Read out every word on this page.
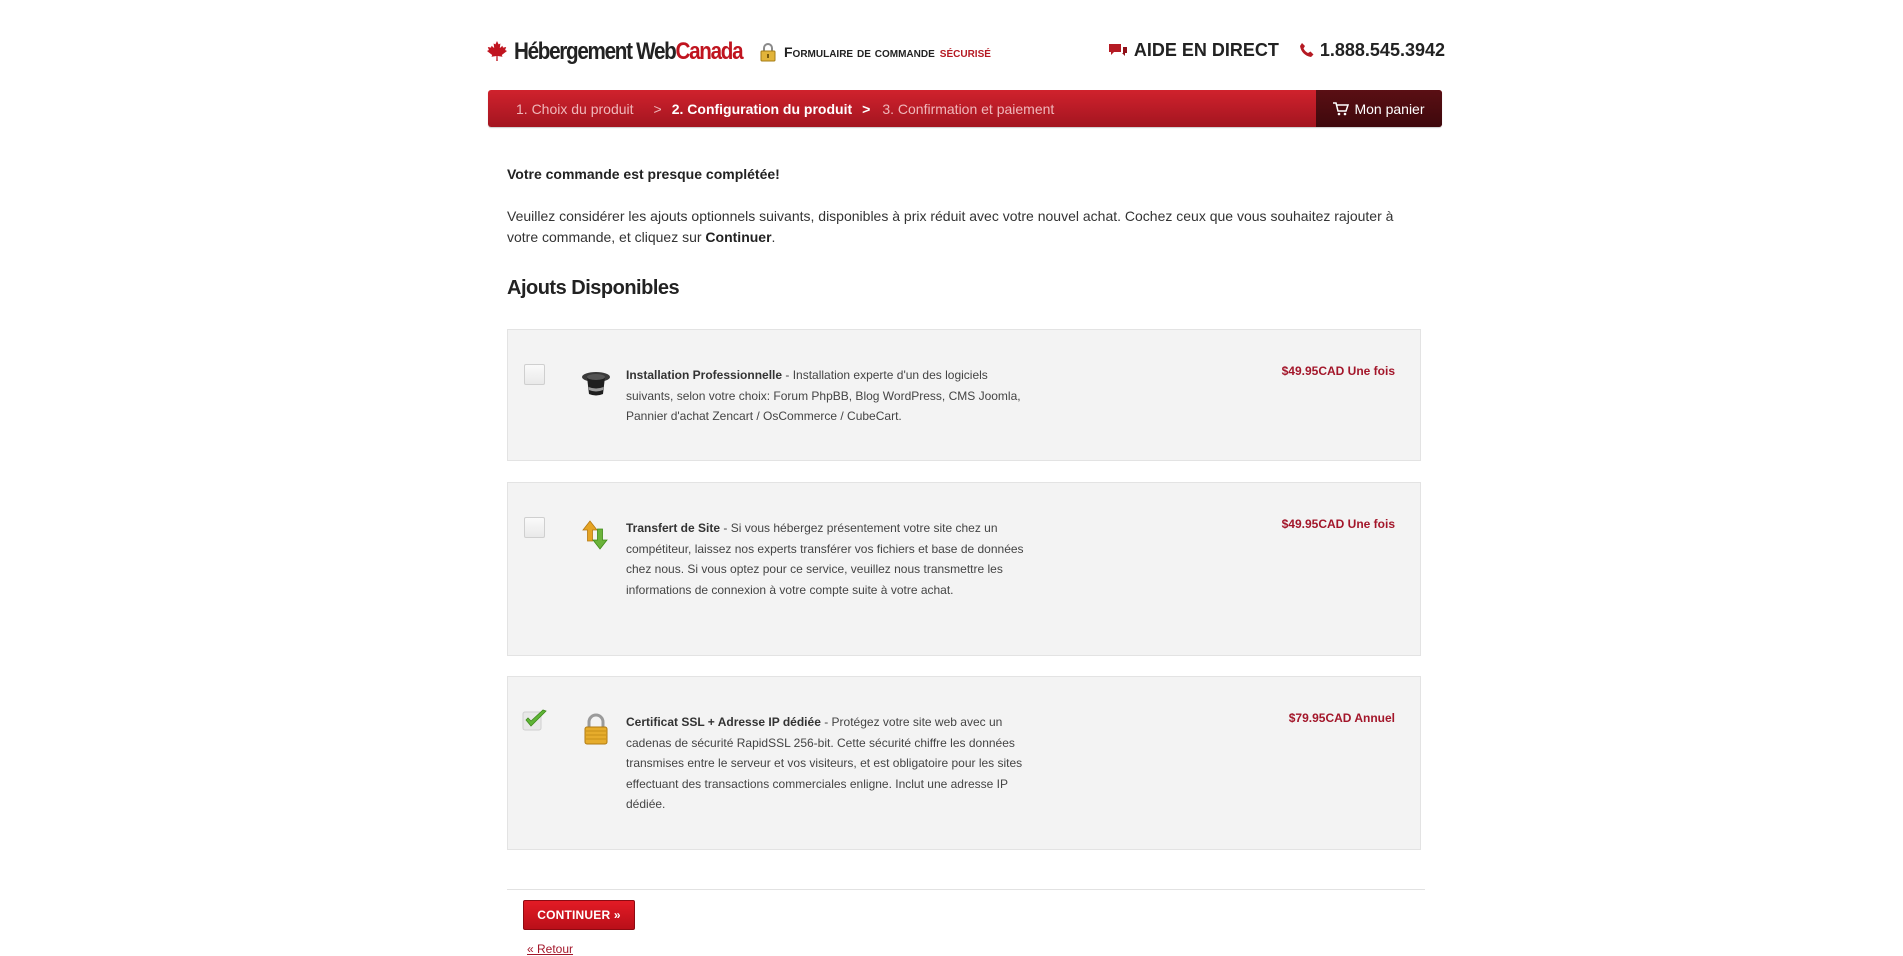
Hébergement WebCanada	Formulaire de commande sécurisé	AIDE EN DIRECT 1.888.545.3942
1. Choix du produit > 2. Configuration du produit > 3. Confirmation et paiement	Mon panier

Votre commande est presque complétée!

Veuillez considérer les ajouts optionnels suivants, disponibles à prix réduit avec votre nouvel achat. Cochez ceux que vous souhaitez rajouter à votre commande, et cliquez sur Continuer.

Ajouts Disponibles
Installation Professionnelle - Installation experte d'un des logiciels suivants, selon votre choix: Forum PhpBB, Blog WordPress, CMS Joomla, Pannier d'achat Zencart / OsCommerce / CubeCart.
$49.95CAD Une fois
Transfert de Site - Si vous hébergez présentement votre site chez un compétiteur, laissez nos experts transférer vos fichiers et base de données chez nous. Si vous optez pour ce service, veuillez nous transmettre les informations de connexion à votre compte suite à votre achat.
$49.95CAD Une fois
Certificat SSL + Adresse IP dédiée - Protégez votre site web avec un cadenas de sécurité RapidSSL 256-bit. Cette sécurité chiffre les données transmises entre le serveur et vos visiteurs, et est obligatoire pour les sites effectuant des transactions commerciales enligne. Inclut une adresse IP dédiée.
$79.95CAD Annuel
CONTINUER »
« Retour
